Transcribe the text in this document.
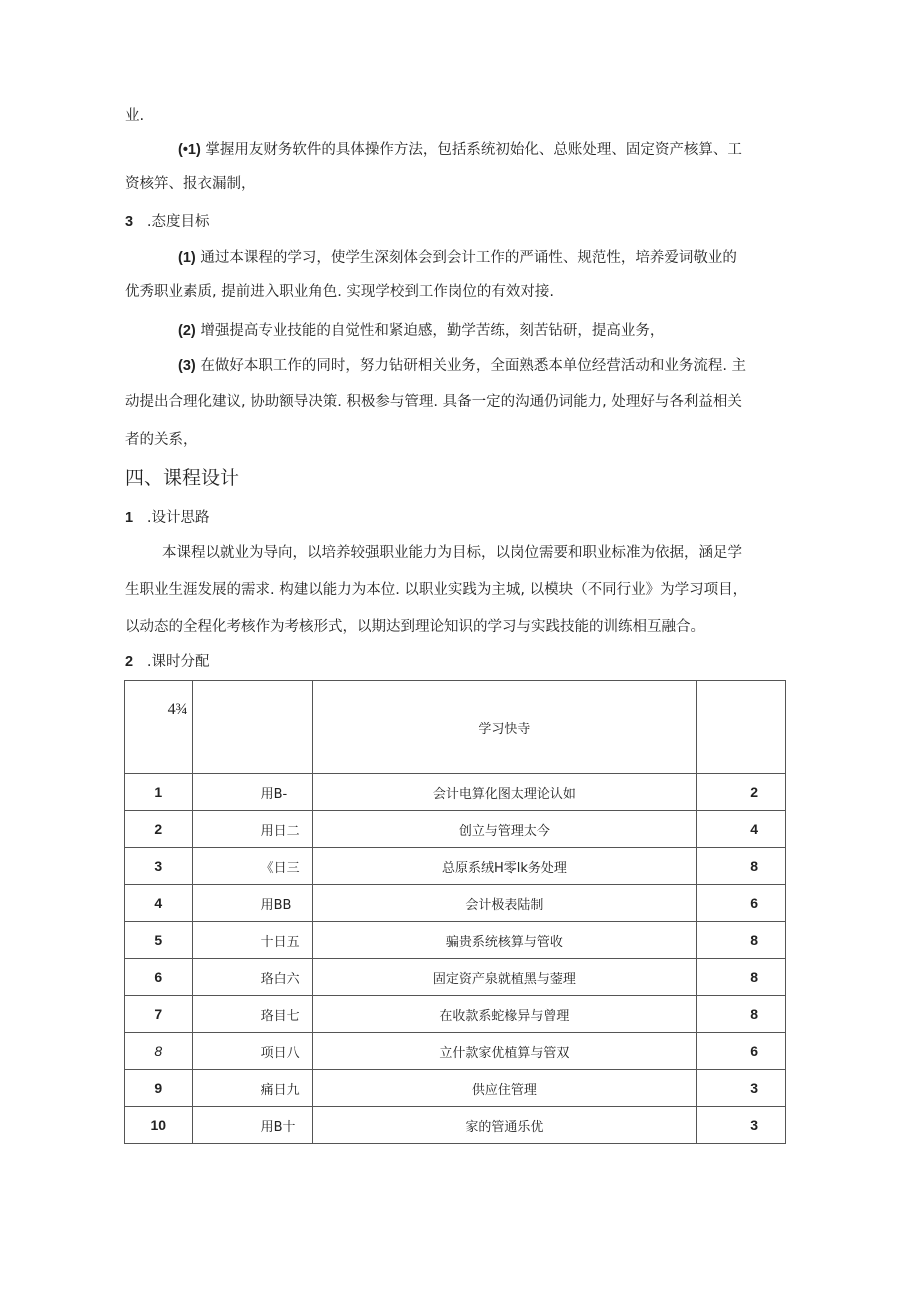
业.
(•1) 掌握用友财务软件的具体操作方法，包括系统初始化、总账处理、固定资产核算、工
资核笄、报衣漏制，
3 .态度目标
(1) 通过本课程的学习，使学生深刻体会到会计工作的严诵性、规范性，培养爱词敬业的
优秀职业素质, 提前进入职业角色. 实现学校到工作岗位的有效对接.
(2) 增强提高专业技能的自觉性和紧迫感，勤学苦练，刻苦钻研，提高业务，
(3) 在做好本职工作的同时，努力钻研相关业务，全面熟悉本单位经营活动和业务流程. 主
动提出合理化建议, 协助额导决策. 积极参与管理. 具备一定的沟通仍词能力, 处理好与各利益相关
者的关系，
四、课程设计
1 .设计思路
本课程以就业为导向，以培养较强职业能力为目标，以岗位需要和职业标准为依据，涵足学
生职业生涯发展的需求. 构建以能力为本位. 以职业实践为主城, 以模块（不同行业》为学习项目，
以动态的全程化考核作为考核形式，以期达到理论知识的学习与实践技能的训练相互融合。
2 .课时分配
4¾		学习快寺	
1	用B-	会计电算化图太理论认如	2
2	用日二	创立与管理太今	4
3	《日三	总原系绒H零lk务处理	8
4	用BB	会计极表陆制	6
5	十日五	骗贵系统核算与管收	8
6	珞白六	固定资产泉就植黑与蓥理	8
7	珞目七	在收款系蛇椽异与曾理	8
8	项日八	立什款家优植算与管双	6
9	痛日九	供应住管理	3
10	用B十	家的管通乐优	3
